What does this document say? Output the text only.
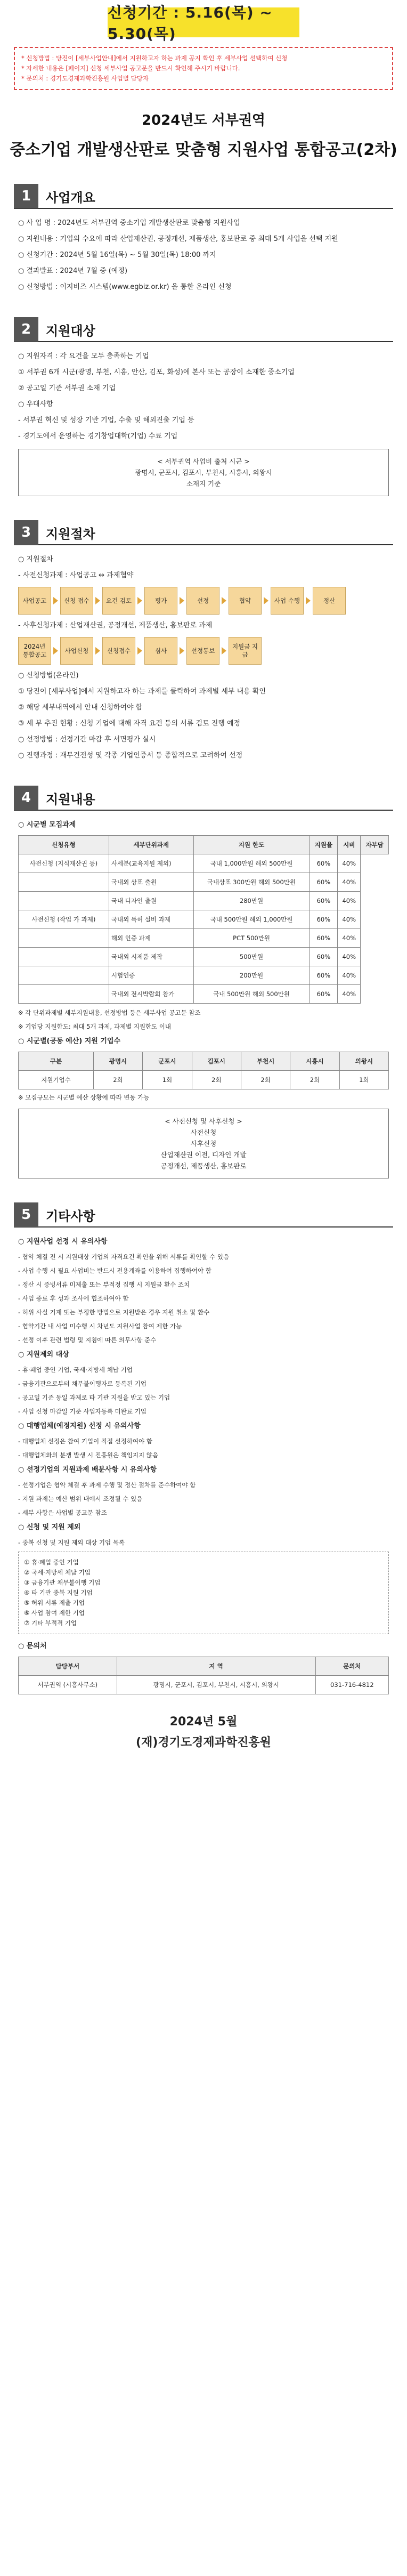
신청기간 : 5.16(목) ~ 5.30(목)
* 신청방법 : 당진이 [세부사업안내]에서 지원하고자 하는 과제 공지 확인 후 세부사업 선택하여 신청
* 자세한 내용은 [페이지] 신청 세부사업 공고문을 반드시 확인해 주시기 바랍니다.
* 문의처 : 경기도경제과학진흥원 사업별 담당자
2024년도 서부권역
중소기업 개발생산판로 맞춤형 지원사업 통합공고(2차)
1	사업개요
○ 사 업 명 : 2024년도 서부권역 중소기업 개발생산판로 맞춤형 지원사업
○ 지원내용 : 기업의 수요에 따라 산업재산권, 공정개선, 제품생산, 홍보판로 중 최대 5개 사업을 선택 지원
○ 신청기간 : 2024년 5월 16일(목) ~ 5월 30일(목) 18:00 까지
○ 결과발표 : 2024년 7월 중 (예정)
○ 신청방법 : 이지비즈 시스템(www.egbiz.or.kr) 을 통한 온라인 신청
2	지원대상
○ 지원자격 : 각 요건을 모두 충족하는 기업
① 서부권 6개 시군(광명, 부천, 시흥, 안산, 김포, 화성)에 본사 또는 공장이 소재한 중소기업
② 공고일 기준 서부권 소재 기업
○ 우대사항
- 서부권 혁신 및 성장 기반 기업, 수출 및 해외진출 기업 등
- 경기도에서 운영하는 경기창업대학(기업) 수료 기업
< 서부권역 사업비 출처 시군 >
광명시, 군포시, 김포시, 부천시, 시흥시, 의왕시
소재지 기준
3	지원절차
○ 지원절차
- 사전신청과제 : 사업공고 ↔ 과제협약
사업공고	신청 접수	요건 검토	평가	선정	협약	사업 수행	정산
- 사후신청과제 : 산업재산권, 공정개선, 제품생산, 홍보판로 과제
2024년 통합공고
사업신청	신청접수	심사	선정통보
지원금 지급
○ 신청방법(온라인)
① 당진이 [세부사업]에서 지원하고자 하는 과제를 클릭하여 과제별 세부 내용 확인
② 해당 세부내역에서 안내 신청하여야 함
③ 세 부 추진 현황 : 신청 기업에 대해 자격 요건 등의 서류 검토 진행 예정
○ 선정방법 : 선정기간 마감 후 서면평가 실시
○ 진행과정 : 재무건전성 및 각종 기업인증서 등 종합적으로 고려하여 선정
4	지원내용
○ 시군별 모집과제
신청유형	세부단위과제	지원 한도	지원율	시비	자부담
사전신청 (지식재산권 등)	사세분(교육지원 제외)	국내 1,000만원 해외 500만원	60%	40%	
	국내외 상표 출원	국내상표 300만원 해외 500만원	60%	40%	
	국내 디자인 출원	280만원	60%	40%	
사전신청 (작업 가 과제)	국내외 특허 설비 과제	국내 500만원 해외 1,000만원	60%	40%	
	해외 인증 과제	PCT 500만원	60%	40%	
	국내외 시제품 제작	500만원	60%	40%	
	시험인증	200만원	60%	40%	
	국내외 전시박람회 참가	국내 500만원 해외 500만원	60%	40%	
※ 각 단위과제별 세부지원내용, 선정방법 등은 세부사업 공고문 참조
※ 기업당 지원한도: 최대 5개 과제, 과제별 지원한도 이내
○ 시군별(공동 예산) 지원 기업수
구분	광명시	군포시	김포시	부천시	시흥시	의왕시
지원기업수	2회	1회	2회	2회	2회	1회
※ 모집규모는 시군별 예산 상황에 따라 변동 가능
< 사전신청 및 사후신청 >
사전신청
사후신청
산업재산권 이전, 디자인 개발
공정개선, 제품생산, 홍보판로
5	기타사항
○ 지원사업 선정 시 유의사항
- 협약 체결 전 시 지원대상 기업의 자격요건 확인을 위해 서류를 확인할 수 있음
- 사업 수행 시 필요 사업비는 반드시 전용계좌를 이용하여 집행하여야 함
- 정산 시 증빙서류 미제출 또는 부적정 집행 시 지원금 환수 조치
- 사업 종료 후 성과 조사에 협조하여야 함
- 허위 사실 기재 또는 부정한 방법으로 지원받은 경우 지원 취소 및 환수
- 협약기간 내 사업 미수행 시 차년도 지원사업 참여 제한 가능
- 선정 이후 관련 법령 및 지침에 따른 의무사항 준수
○ 지원제외 대상
- 휴·폐업 중인 기업, 국세·지방세 체납 기업
- 금융기관으로부터 채무불이행자로 등록된 기업
- 공고일 기준 동일 과제로 타 기관 지원을 받고 있는 기업
- 사업 신청 마감일 기준 사업자등록 미완료 기업
○ 대행업체(예정지원) 선정 시 유의사항
- 대행업체 선정은 참여 기업이 직접 선정하여야 함
- 대행업체와의 분쟁 발생 시 진흥원은 책임지지 않음
○ 선정기업의 지원과제 배분사항 시 유의사항
- 선정기업은 협약 체결 후 과제 수행 및 정산 절차를 준수하여야 함
- 지원 과제는 예산 범위 내에서 조정될 수 있음
- 세부 사항은 사업별 공고문 참조
○ 신청 및 지원 제외
- 중복 신청 및 지원 제외 대상 기업 목록
① 휴·폐업 중인 기업
② 국세·지방세 체납 기업
③ 금융기관 채무불이행 기업
④ 타 기관 중복 지원 기업
⑤ 허위 서류 제출 기업
⑥ 사업 참여 제한 기업
⑦ 기타 부적격 기업
○ 문의처
담당부서	지 역	문의처
서부권역 (시흥사무소)	광명시, 군포시, 김포시, 부천시, 시흥시, 의왕시	031-716-4812
2024년 5월
(재)경기도경제과학진흥원
